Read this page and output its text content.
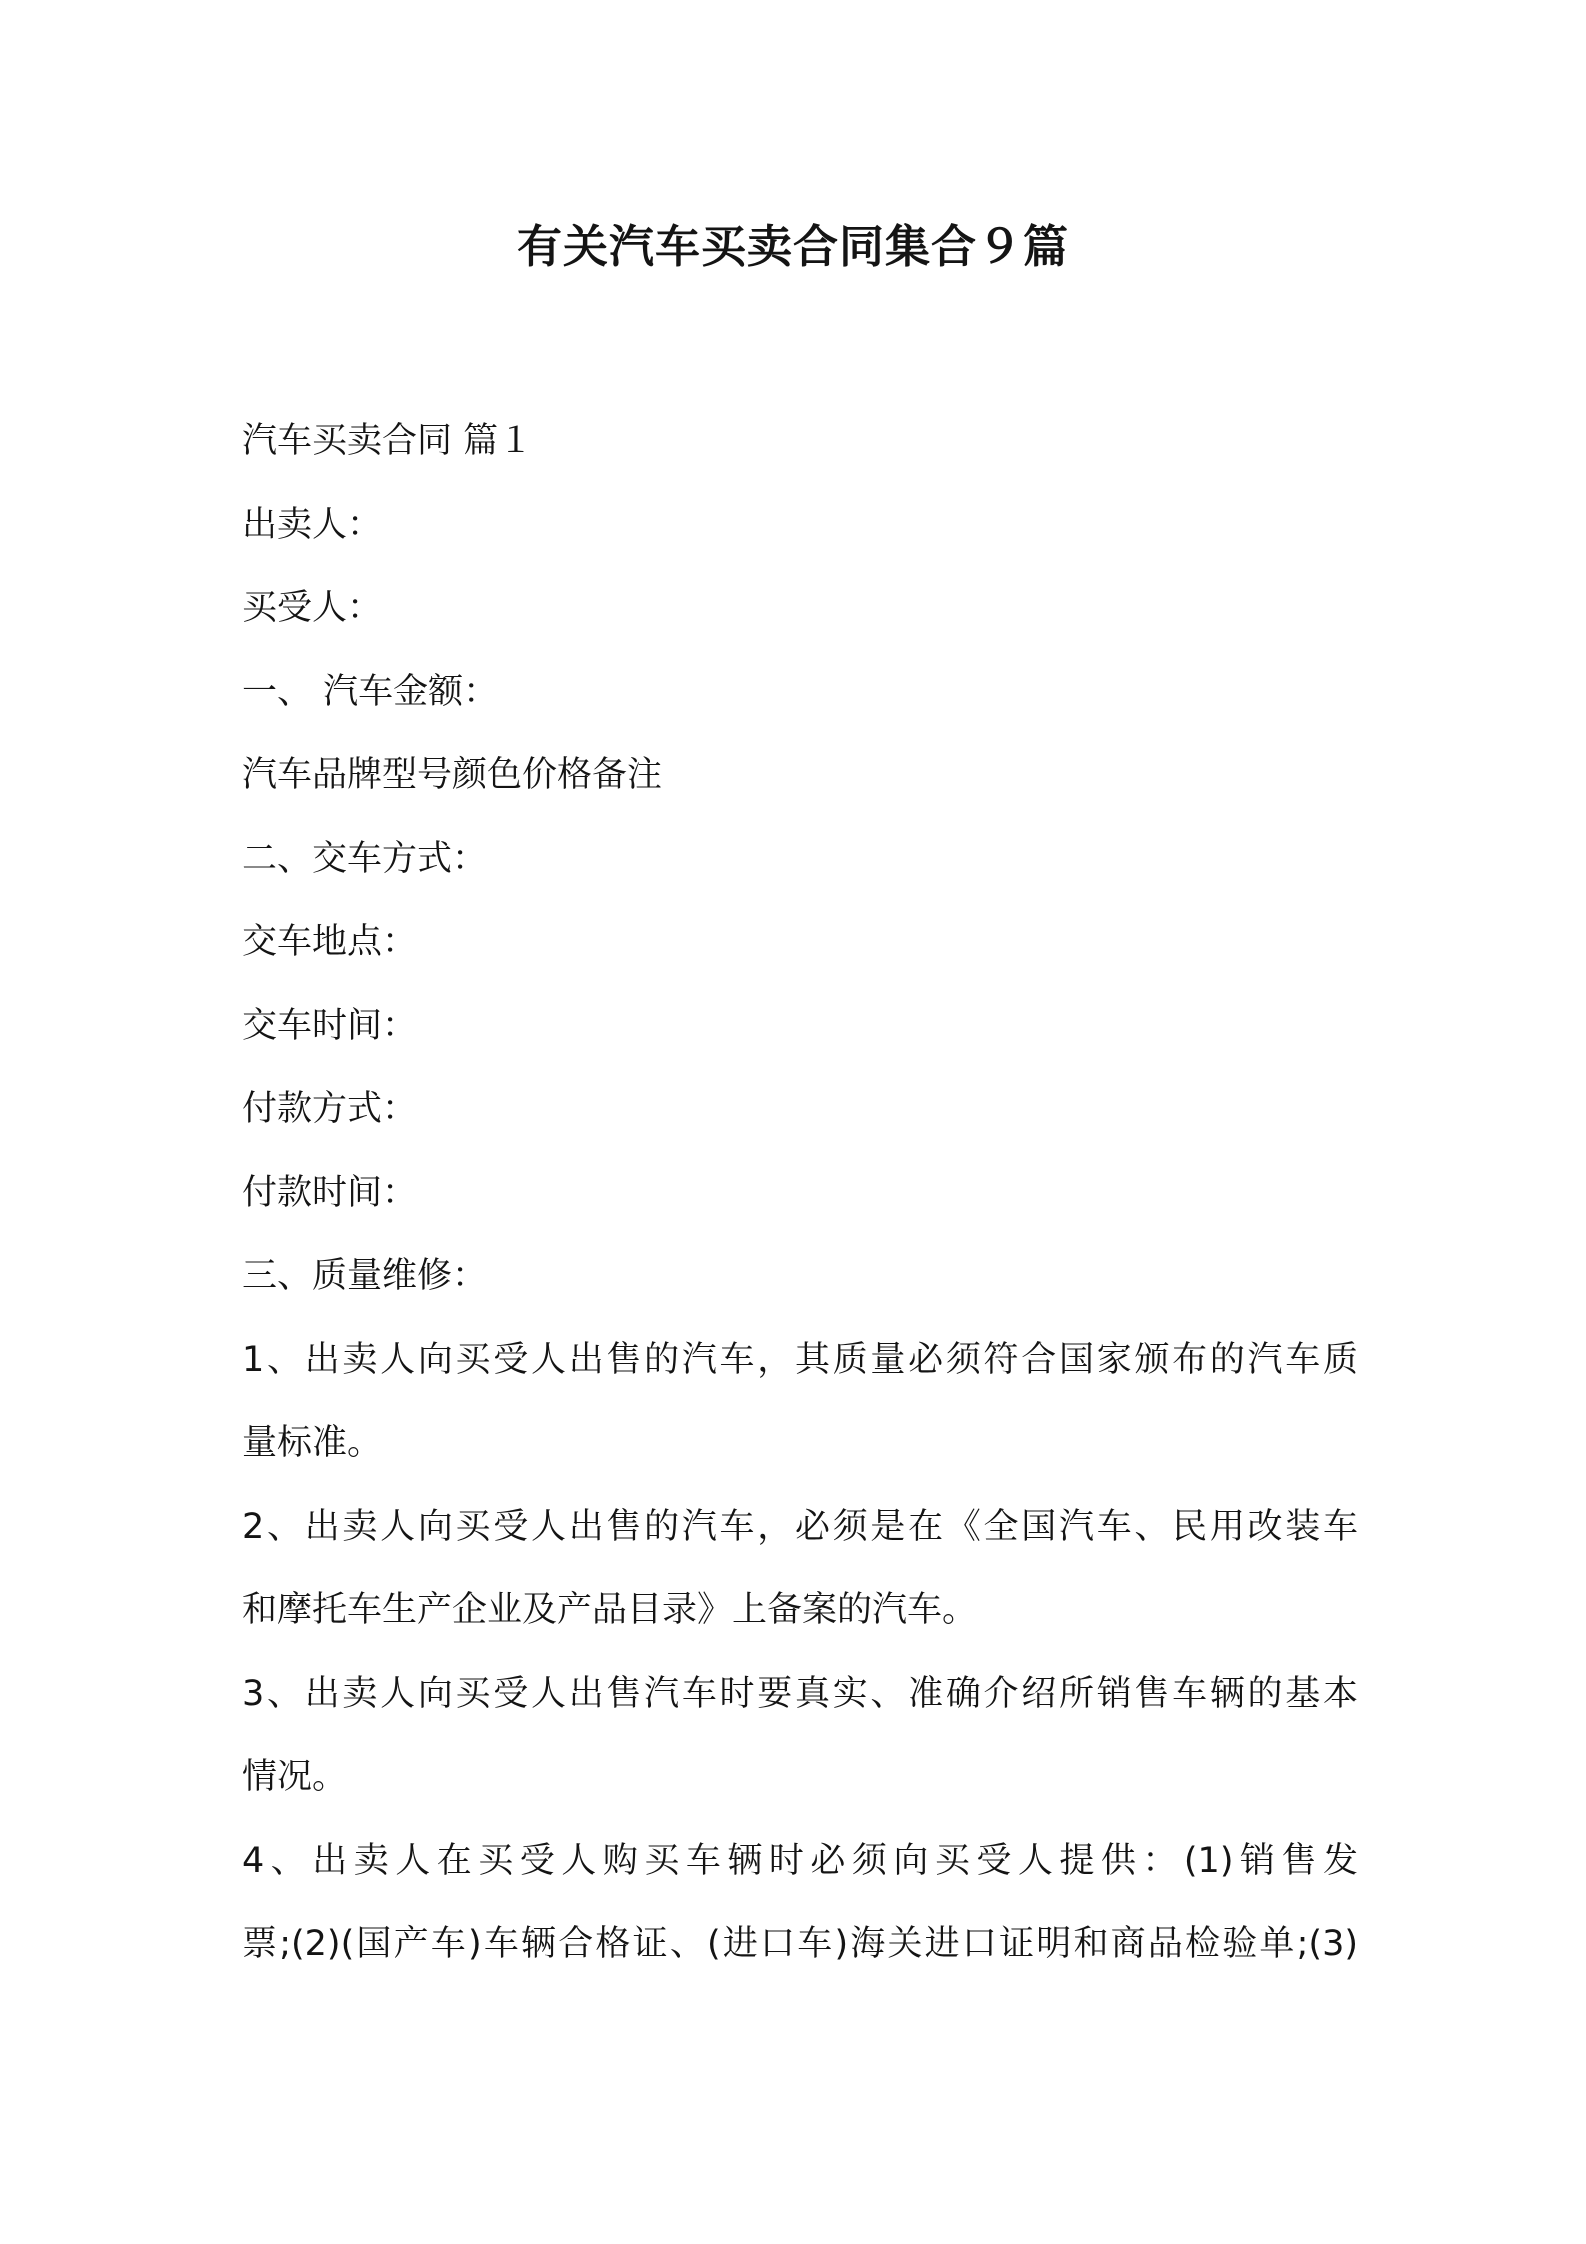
有关汽车买卖合同集合９篇

汽车买卖合同 篇１

出卖人：

买受人：

一、 汽车金额：

汽车品牌型号颜色价格备注

二、交车方式：

交车地点：

交车时间：

付款方式：

付款时间：

三、质量维修：

1、出卖人向买受人出售的汽车，其质量必须符合国家颁布的汽车质

量标准。

2、出卖人向买受人出售的汽车，必须是在《全国汽车、民用改装车

和摩托车生产企业及产品目录》上备案的汽车。

3、出卖人向买受人出售汽车时要真实、准确介绍所销售车辆的基本

情况。

4、出卖人在买受人购买车辆时必须向买受人提供：(1)销售发

票;(2)(国产车)车辆合格证、(进口车)海关进口证明和商品检验单;(3)
